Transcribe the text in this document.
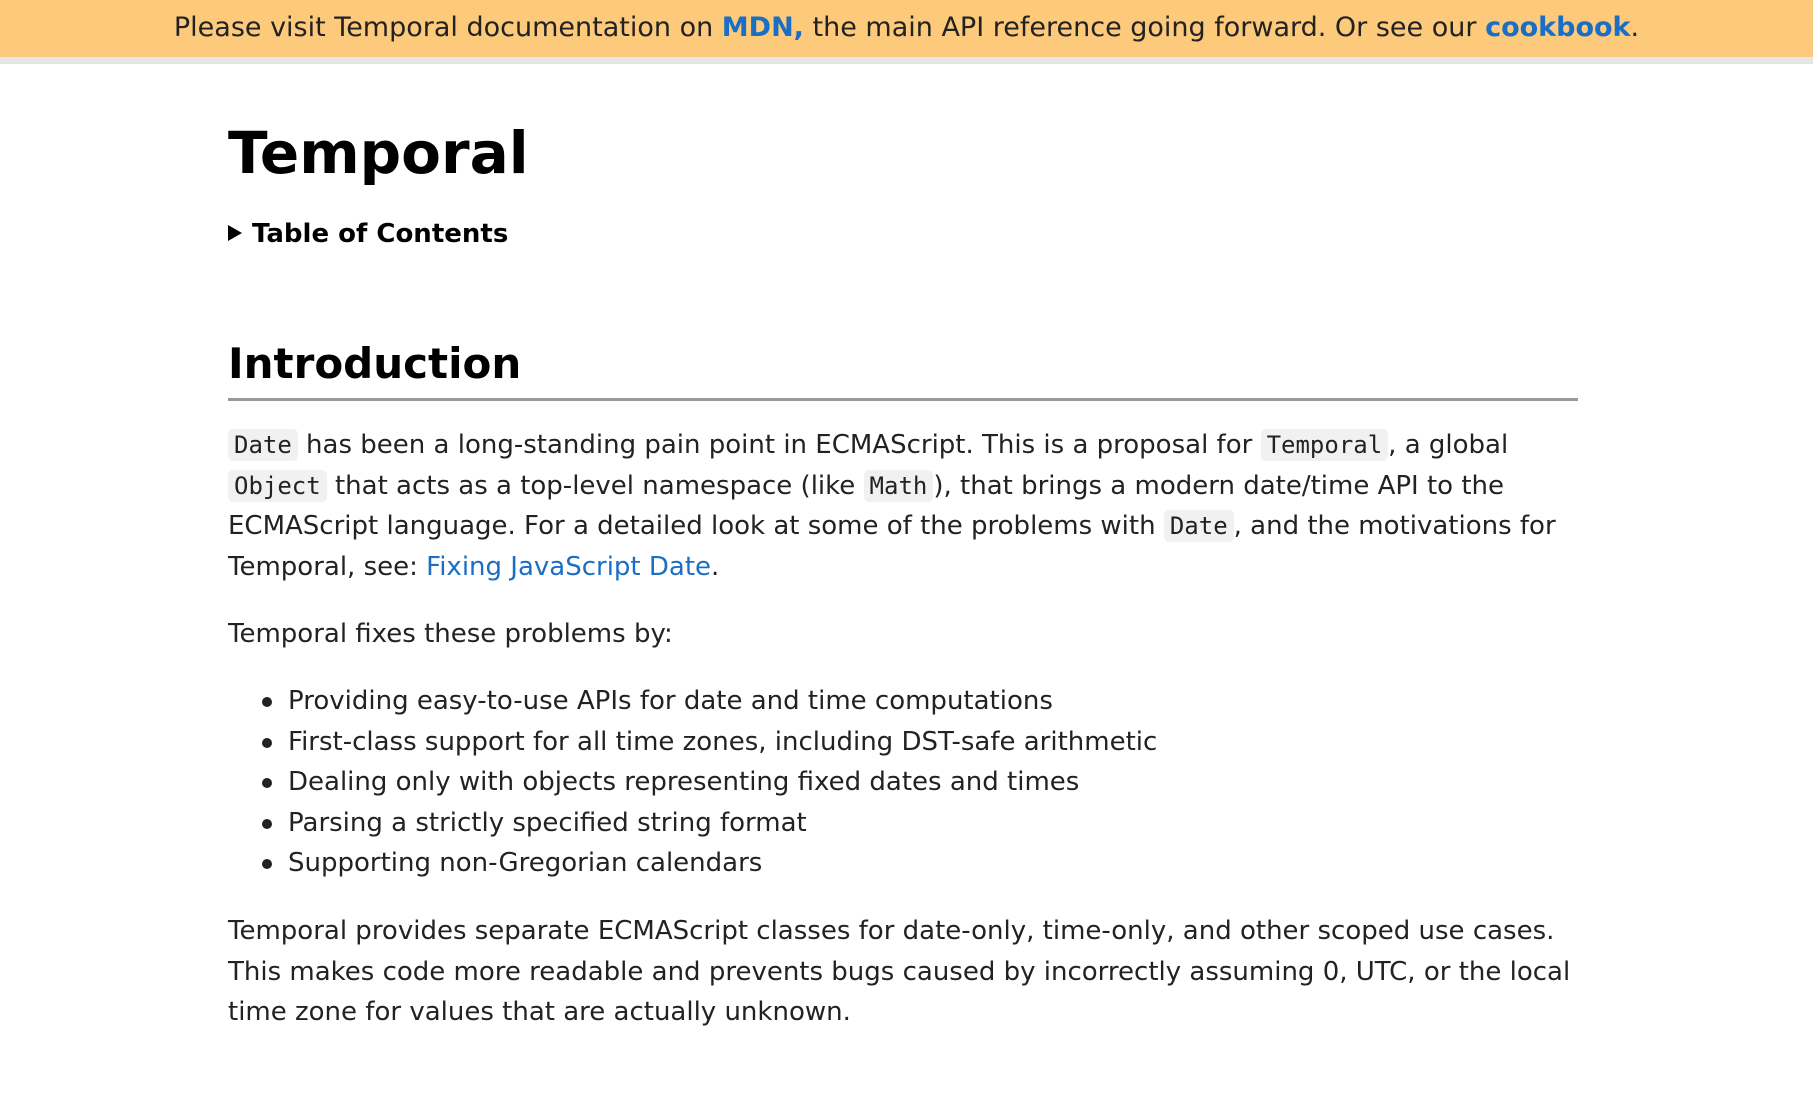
Please visit Temporal documentation on MDN, the main API reference going forward. Or see our cookbook.
Temporal
Table of Contents
Introduction

Date has been a long-standing pain point in ECMAScript. This is a proposal for Temporal , a global Object that acts as a top-level namespace (like Math ), that brings a modern date/time API to the ECMAScript language. For a detailed look at some of the problems with Date , and the motivations for Temporal, see: Fixing JavaScript Date.

Temporal fixes these problems by:

Providing easy-to-use APIs for date and time computations
First-class support for all time zones, including DST-safe arithmetic
Dealing only with objects representing fixed dates and times
Parsing a strictly specified string format
Supporting non-Gregorian calendars

Temporal provides separate ECMAScript classes for date-only, time-only, and other scoped use cases. This makes code more readable and prevents bugs caused by incorrectly assuming 0, UTC, or the local time zone for values that are actually unknown.
